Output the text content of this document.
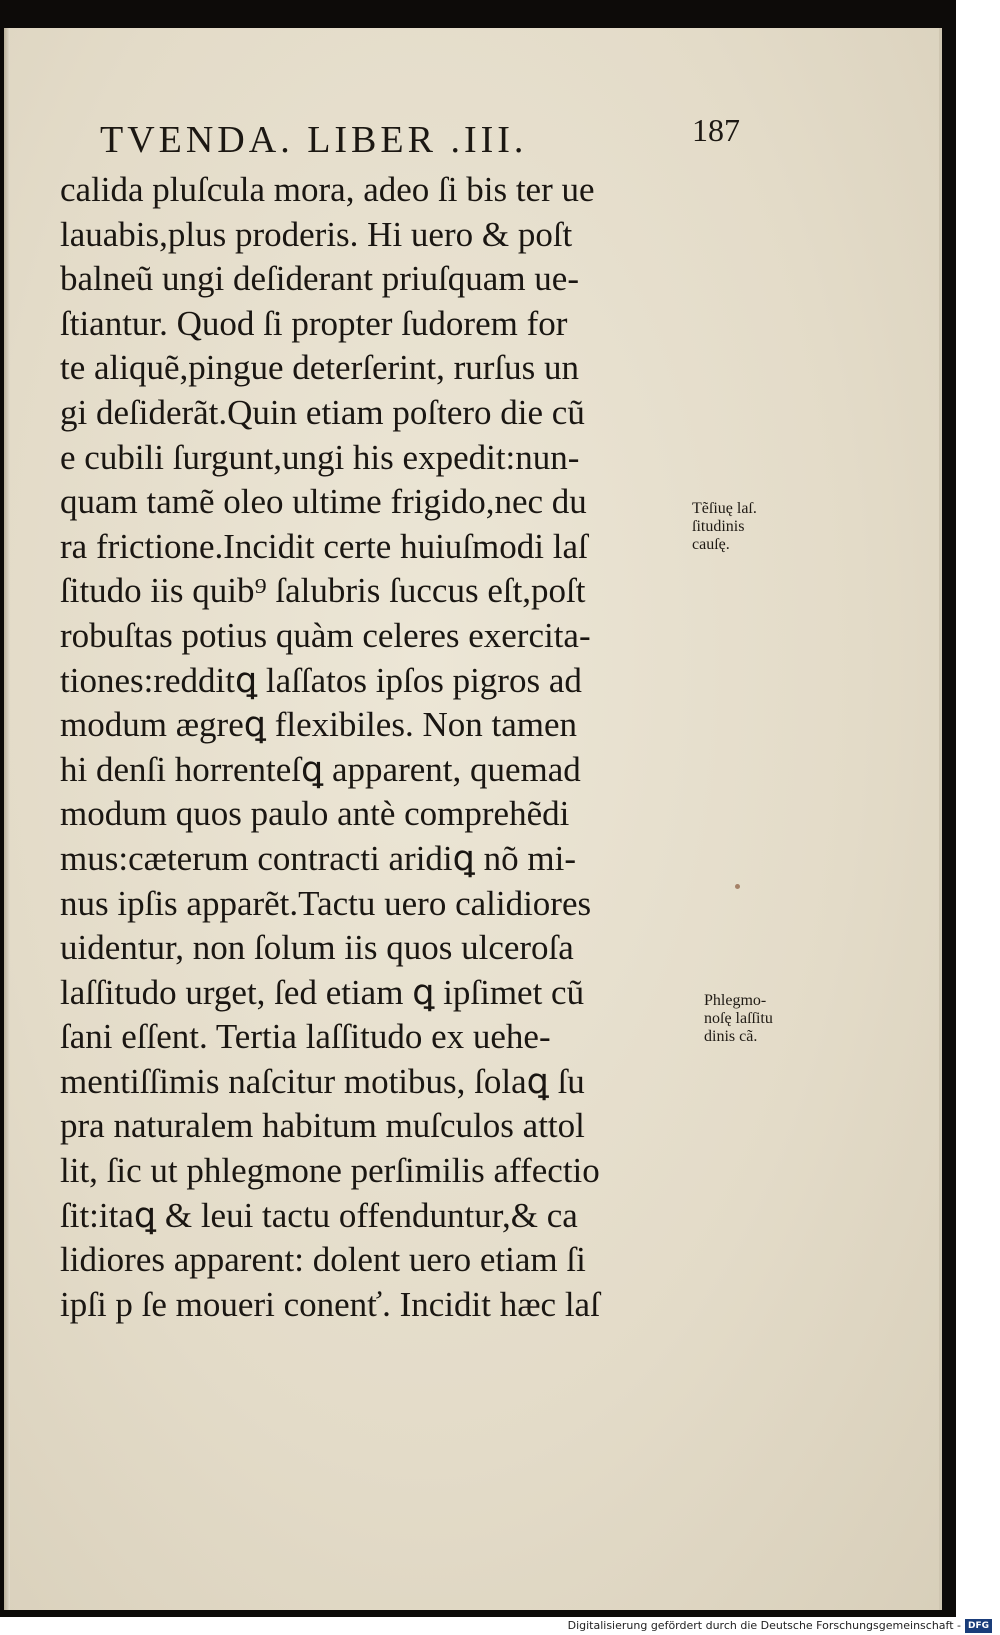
TVENDA. LIBER .III.	187
calida pluſcula mora, adeo ſi bis ter ue
lauabis,plus proderis. Hi uero & poſt
balneũ ungi deſiderant priuſquam ue-
ſtiantur. Quod ſi propter ſudorem for
te aliquẽ,pingue deterſerint, rurſus un
gi deſiderãt.Quin etiam poſtero die cũ
e cubili ſurgunt,ungi his expedit:nun-
quam tamẽ oleo ultime frigido,nec du
ra frictione.Incidit certe huiuſmodi laſ
ſitudo iis quib⁹ ſalubris ſuccus eſt,poſt
robuſtas potius quàm celeres exercita-
tiones:redditꝗ laſſatos ipſos pigros ad
modum ægreꝗ flexibiles. Non tamen
hi denſi horrenteſꝗ apparent, quemad
modum quos paulo antè comprehẽdi
mus:cæterum contracti aridiꝗ nõ mi-
nus ipſis apparẽt.Tactu uero calidiores
uidentur, non ſolum iis quos ulceroſa
laſſitudo urget, ſed etiam ꝗ ipſimet cũ
ſani eſſent. Tertia laſſitudo ex uehe-
mentiſſimis naſcitur motibus, ſolaꝗ ſu
pra naturalem habitum muſculos attol
lit, ſic ut phlegmone perſimilis affectio
ſit:itaꝗ & leui tactu offenduntur,& ca
lidiores apparent: dolent uero etiam ſi
ipſi p ſe moueri conenť. Incidit hæc laſ
Tẽſiuę laſ.
ſitudinis
cauſę.
Phlegmo-
noſę laſſitu
dinis cã.
Digitalisierung gefördert durch die Deutsche Forschungsgemeinschaft - DFG
